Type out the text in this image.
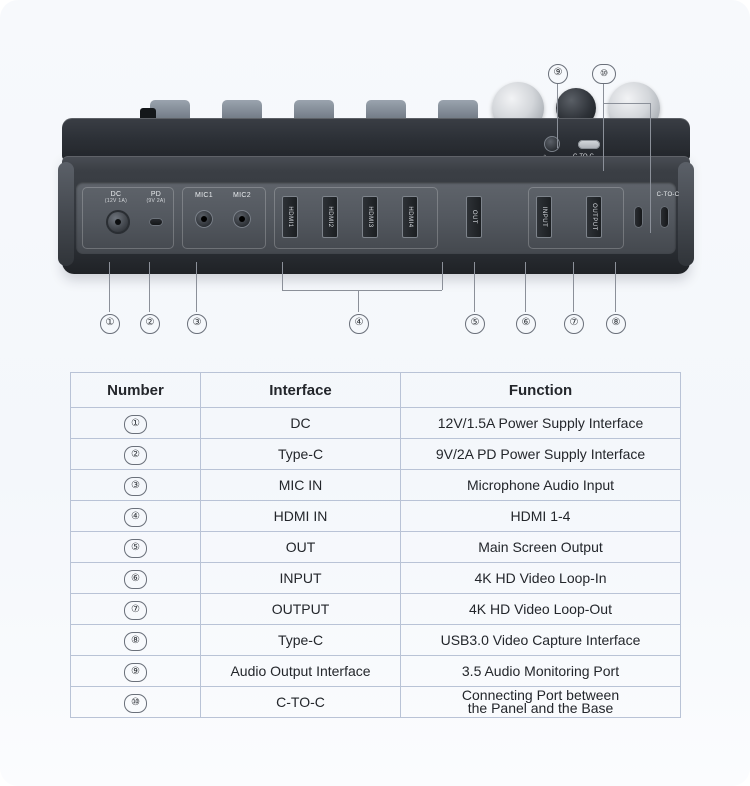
DC
(12V 1A)
PD
(9V 2A)
MIC1	MIC2
HDMI1	HDMI2	HDMI3	HDMI4	OUT	INPUT	OUTPUT
C-TO-C
⑨	⑩
①	②	③	④	⑤	⑥	⑦	⑧
Number	Interface	Function
①	DC	12V/1.5A Power Supply Interface
②	Type-C	9V/2A PD Power Supply Interface
③	MIC IN	Microphone Audio Input
④	HDMI IN	HDMI 1-4
⑤	OUT	Main Screen Output
⑥	INPUT	4K HD Video Loop-In
⑦	OUTPUT	4K HD Video Loop-Out
⑧	Type-C	USB3.0 Video Capture Interface
⑨	Audio Output Interface	3.5 Audio Monitoring Port
⑩	C-TO-C	Connecting Port between
the Panel and the Base
